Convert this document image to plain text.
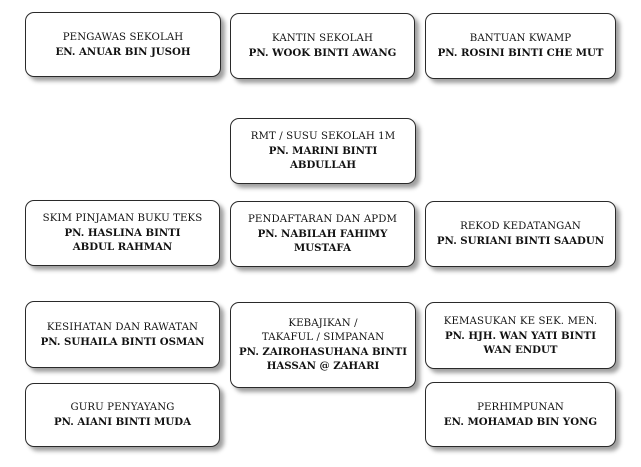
PENGAWAS SEKOLAH
EN. ANUAR BIN JUSOH
KANTIN SEKOLAH
PN. WOOK BINTI AWANG
BANTUAN KWAMP
PN. ROSINI BINTI CHE MUT
RMT / SUSU SEKOLAH 1M
PN. MARINI BINTI
ABDULLAH
SKIM PINJAMAN BUKU TEKS
PN. HASLINA BINTI
ABDUL RAHMAN
PENDAFTARAN DAN APDM
PN. NABILAH FAHIMY
MUSTAFA
REKOD KEDATANGAN
PN. SURIANI BINTI SAADUN
KESIHATAN DAN RAWATAN
PN. SUHAILA BINTI OSMAN
KEBAJIKAN /
TAKAFUL / SIMPANAN
PN. ZAIROHASUHANA BINTI
HASSAN @ ZAHARI
KEMASUKAN KE SEK. MEN.
PN. HJH. WAN YATI BINTI
WAN ENDUT
GURU PENYAYANG
PN. AIANI BINTI MUDA
PERHIMPUNAN
EN. MOHAMAD BIN YONG
